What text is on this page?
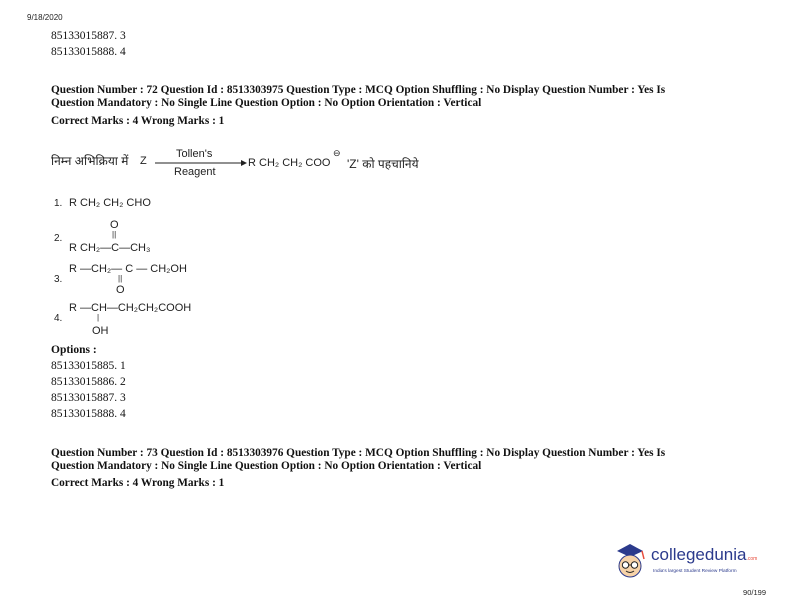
9/18/2020
85133015887. 3
85133015888. 4
Question Number : 72 Question Id : 8513303975 Question Type : MCQ Option Shuffling : No Display Question Number : Yes Is
Question Mandatory : No Single Line Question Option : No Option Orientation : Vertical
Correct Marks : 4 Wrong Marks : 1
निम्न अभिक्रिया में Z
Tollen's
Reagent
R CH₂ CH₂ COO
⊖
'Z' को पहचानिये
1. R CH₂ CH₂ CHO
O
||
2.
R CH₂—C—CH₃
R —CH₂— C — CH₂OH
3.	||
O
R —CH—CH₂CH₂COOH
4.	|
OH
Options :
85133015885. 1
85133015886. 2
85133015887. 3
85133015888. 4
Question Number : 73 Question Id : 8513303976 Question Type : MCQ Option Shuffling : No Display Question Number : Yes Is
Question Mandatory : No Single Line Question Option : No Option Orientation : Vertical
Correct Marks : 4 Wrong Marks : 1
collegedunia.com
India's largest Student Review Platform
90/199
